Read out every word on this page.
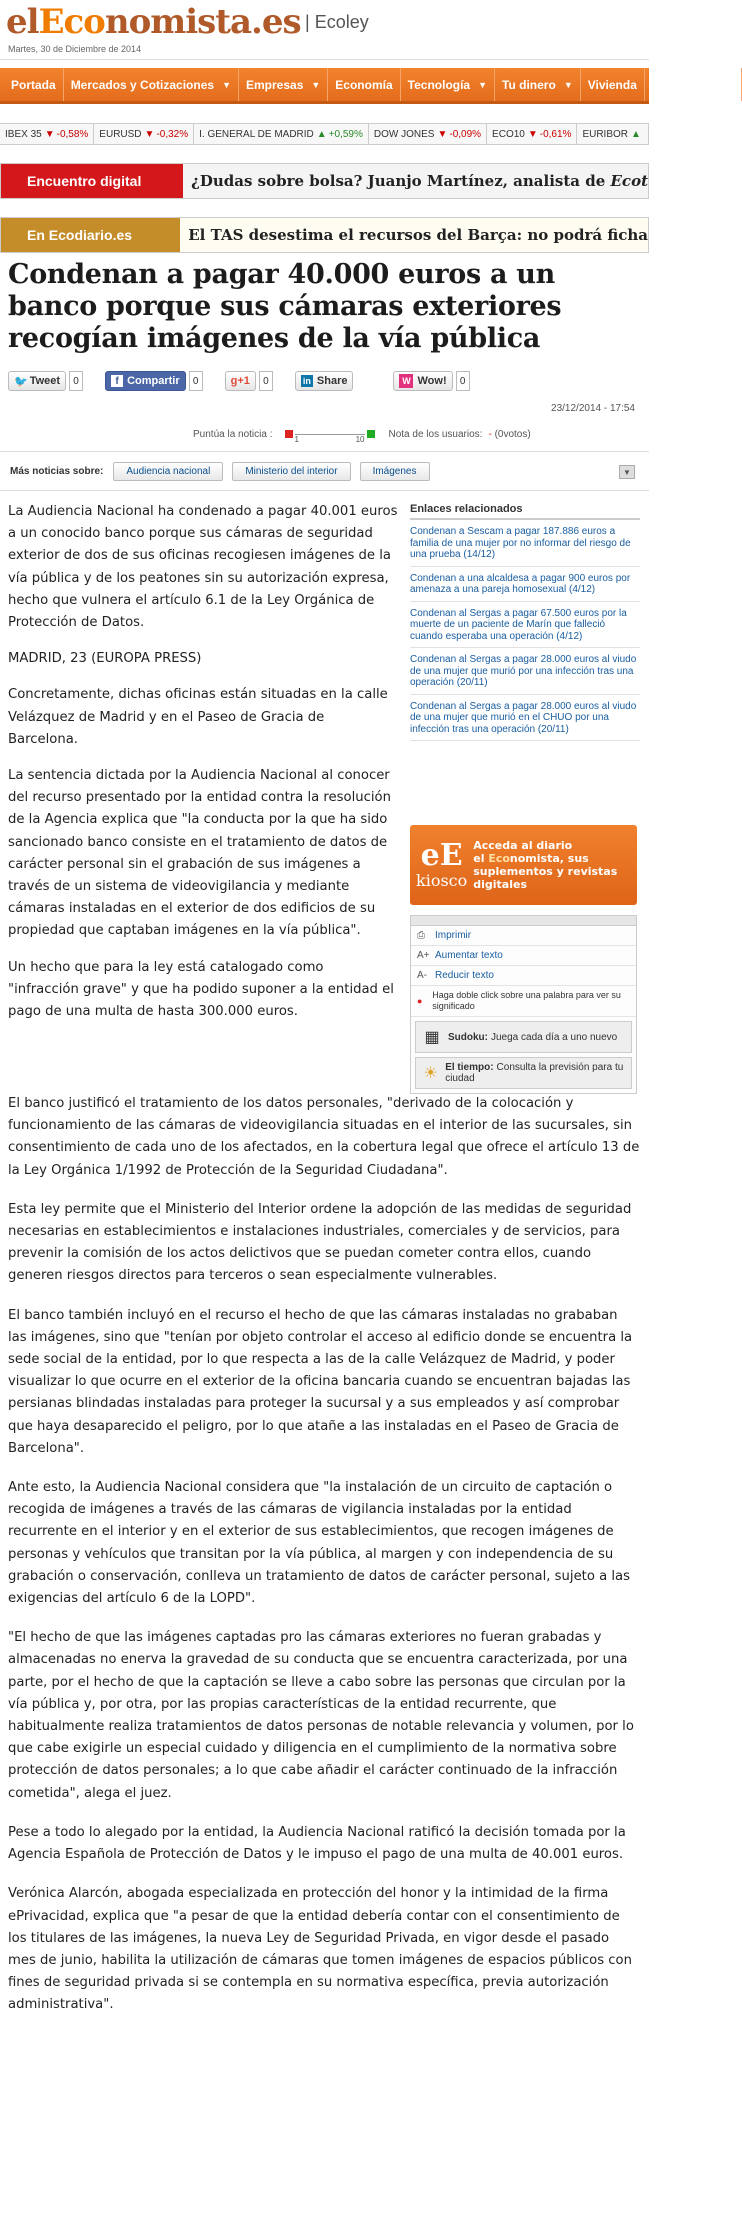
elEconomista.es | Ecoley
Martes, 30 de Diciembre de 2014
Portada Mercados y Cotizaciones ▼ Empresas ▼ Economía Tecnología ▼ Tu dinero ▼ Vivienda Opinión/Blogs
IBEX 35 ▼ -0,58% EURUSD ▼ -0,32% I. GENERAL DE MADRID ▲ +0,59% DOW JONES ▼ -0,09% ECO10 ▼ -0,61% EURIBOR ▲
Encuentro digital	¿Dudas sobre bolsa? Juanjo Martínez, analista de Ecot
En Ecodiario.es	El TAS desestima el recursos del Barça: no podrá ficha
Condenan a pagar 40.000 euros a un banco porque sus cámaras exteriores recogían imágenes de la vía pública
🐦 Tweet	0	f Compartir	0	g +1	0	in Share	W Wow!	0
23/12/2014 - 17:54
Puntúa la noticia :	1	10 Nota de los usuarios: - (0votos)
Más noticias sobre:	Audiencia nacional	Ministerio del interior	Imágenes	▼

La Audiencia Nacional ha condenado a pagar 40.001 euros a un conocido banco porque sus cámaras de seguridad exterior de dos de sus oficinas recogiesen imágenes de la vía pública y de los peatones sin su autorización expresa, hecho que vulnera el artículo 6.1 de la Ley Orgánica de Protección de Datos.

MADRID, 23 (EUROPA PRESS)

Concretamente, dichas oficinas están situadas en la calle Velázquez de Madrid y en el Paseo de Gracia de Barcelona.

La sentencia dictada por la Audiencia Nacional al conocer del recurso presentado por la entidad contra la resolución de la Agencia explica que "la conducta por la que ha sido sancionado banco consiste en el tratamiento de datos de carácter personal sin el grabación de sus imágenes a través de un sistema de videovigilancia y mediante cámaras instaladas en el exterior de dos edificios de su propiedad que captaban imágenes en la vía pública".

Un hecho que para la ley está catalogado como "infracción grave" y que ha podido suponer a la entidad el pago de una multa de hasta 300.000 euros.

Enlaces relacionados
Condenan a Sescam a pagar 187.886 euros a familia de una mujer por no informar del riesgo de una prueba (14/12)
Condenan a una alcaldesa a pagar 900 euros por amenaza a una pareja homosexual (4/12)
Condenan al Sergas a pagar 67.500 euros por la muerte de un paciente de Marín que falleció cuando esperaba una operación (4/12)
Condenan al Sergas a pagar 28.000 euros al viudo de una mujer que murió por una infección tras una operación (20/11)
Condenan al Sergas a pagar 28.000 euros al viudo de una mujer que murió en el CHUO por una infección tras una operación (20/11)
eE
kiosco
Acceda al diario
el Economista, sus suplementos y revistas digitales
⎙	Imprimir
A+ Aumentar texto
A- Reducir texto
●
Haga doble click sobre una palabra para ver su significado
▦ Sudoku: Juega cada día a uno nuevo
☀ El tiempo: Consulta la previsión para tu ciudad

El banco justificó el tratamiento de los datos personales, "derivado de la colocación y funcionamiento de las cámaras de videovigilancia situadas en el interior de las sucursales, sin consentimiento de cada uno de los afectados, en la cobertura legal que ofrece el artículo 13 de la Ley Orgánica 1/1992 de Protección de la Seguridad Ciudadana".

Esta ley permite que el Ministerio del Interior ordene la adopción de las medidas de seguridad necesarias en establecimientos e instalaciones industriales, comerciales y de servicios, para prevenir la comisión de los actos delictivos que se puedan cometer contra ellos, cuando generen riesgos directos para terceros o sean especialmente vulnerables.

El banco también incluyó en el recurso el hecho de que las cámaras instaladas no grababan las imágenes, sino que "tenían por objeto controlar el acceso al edificio donde se encuentra la sede social de la entidad, por lo que respecta a las de la calle Velázquez de Madrid, y poder visualizar lo que ocurre en el exterior de la oficina bancaria cuando se encuentran bajadas las persianas blindadas instaladas para proteger la sucursal y a sus empleados y así comprobar que haya desaparecido el peligro, por lo que atañe a las instaladas en el Paseo de Gracia de Barcelona".

Ante esto, la Audiencia Nacional considera que "la instalación de un circuito de captación o recogida de imágenes a través de las cámaras de vigilancia instaladas por la entidad recurrente en el interior y en el exterior de sus establecimientos, que recogen imágenes de personas y vehículos que transitan por la vía pública, al margen y con independencia de su grabación o conservación, conlleva un tratamiento de datos de carácter personal, sujeto a las exigencias del artículo 6 de la LOPD".

"El hecho de que las imágenes captadas pro las cámaras exteriores no fueran grabadas y almacenadas no enerva la gravedad de su conducta que se encuentra caracterizada, por una parte, por el hecho de que la captación se lleve a cabo sobre las personas que circulan por la vía pública y, por otra, por las propias características de la entidad recurrente, que habitualmente realiza tratamientos de datos personas de notable relevancia y volumen, por lo que cabe exigirle un especial cuidado y diligencia en el cumplimiento de la normativa sobre protección de datos personales; a lo que cabe añadir el carácter continuado de la infracción cometida", alega el juez.

Pese a todo lo alegado por la entidad, la Audiencia Nacional ratificó la decisión tomada por la Agencia Española de Protección de Datos y le impuso el pago de una multa de 40.001 euros.

Verónica Alarcón, abogada especializada en protección del honor y la intimidad de la firma ePrivacidad, explica que "a pesar de que la entidad debería contar con el consentimiento de los titulares de las imágenes, la nueva Ley de Seguridad Privada, en vigor desde el pasado mes de junio, habilita la utilización de cámaras que tomen imágenes de espacios públicos con fines de seguridad privada si se contempla en su normativa específica, previa autorización administrativa".
